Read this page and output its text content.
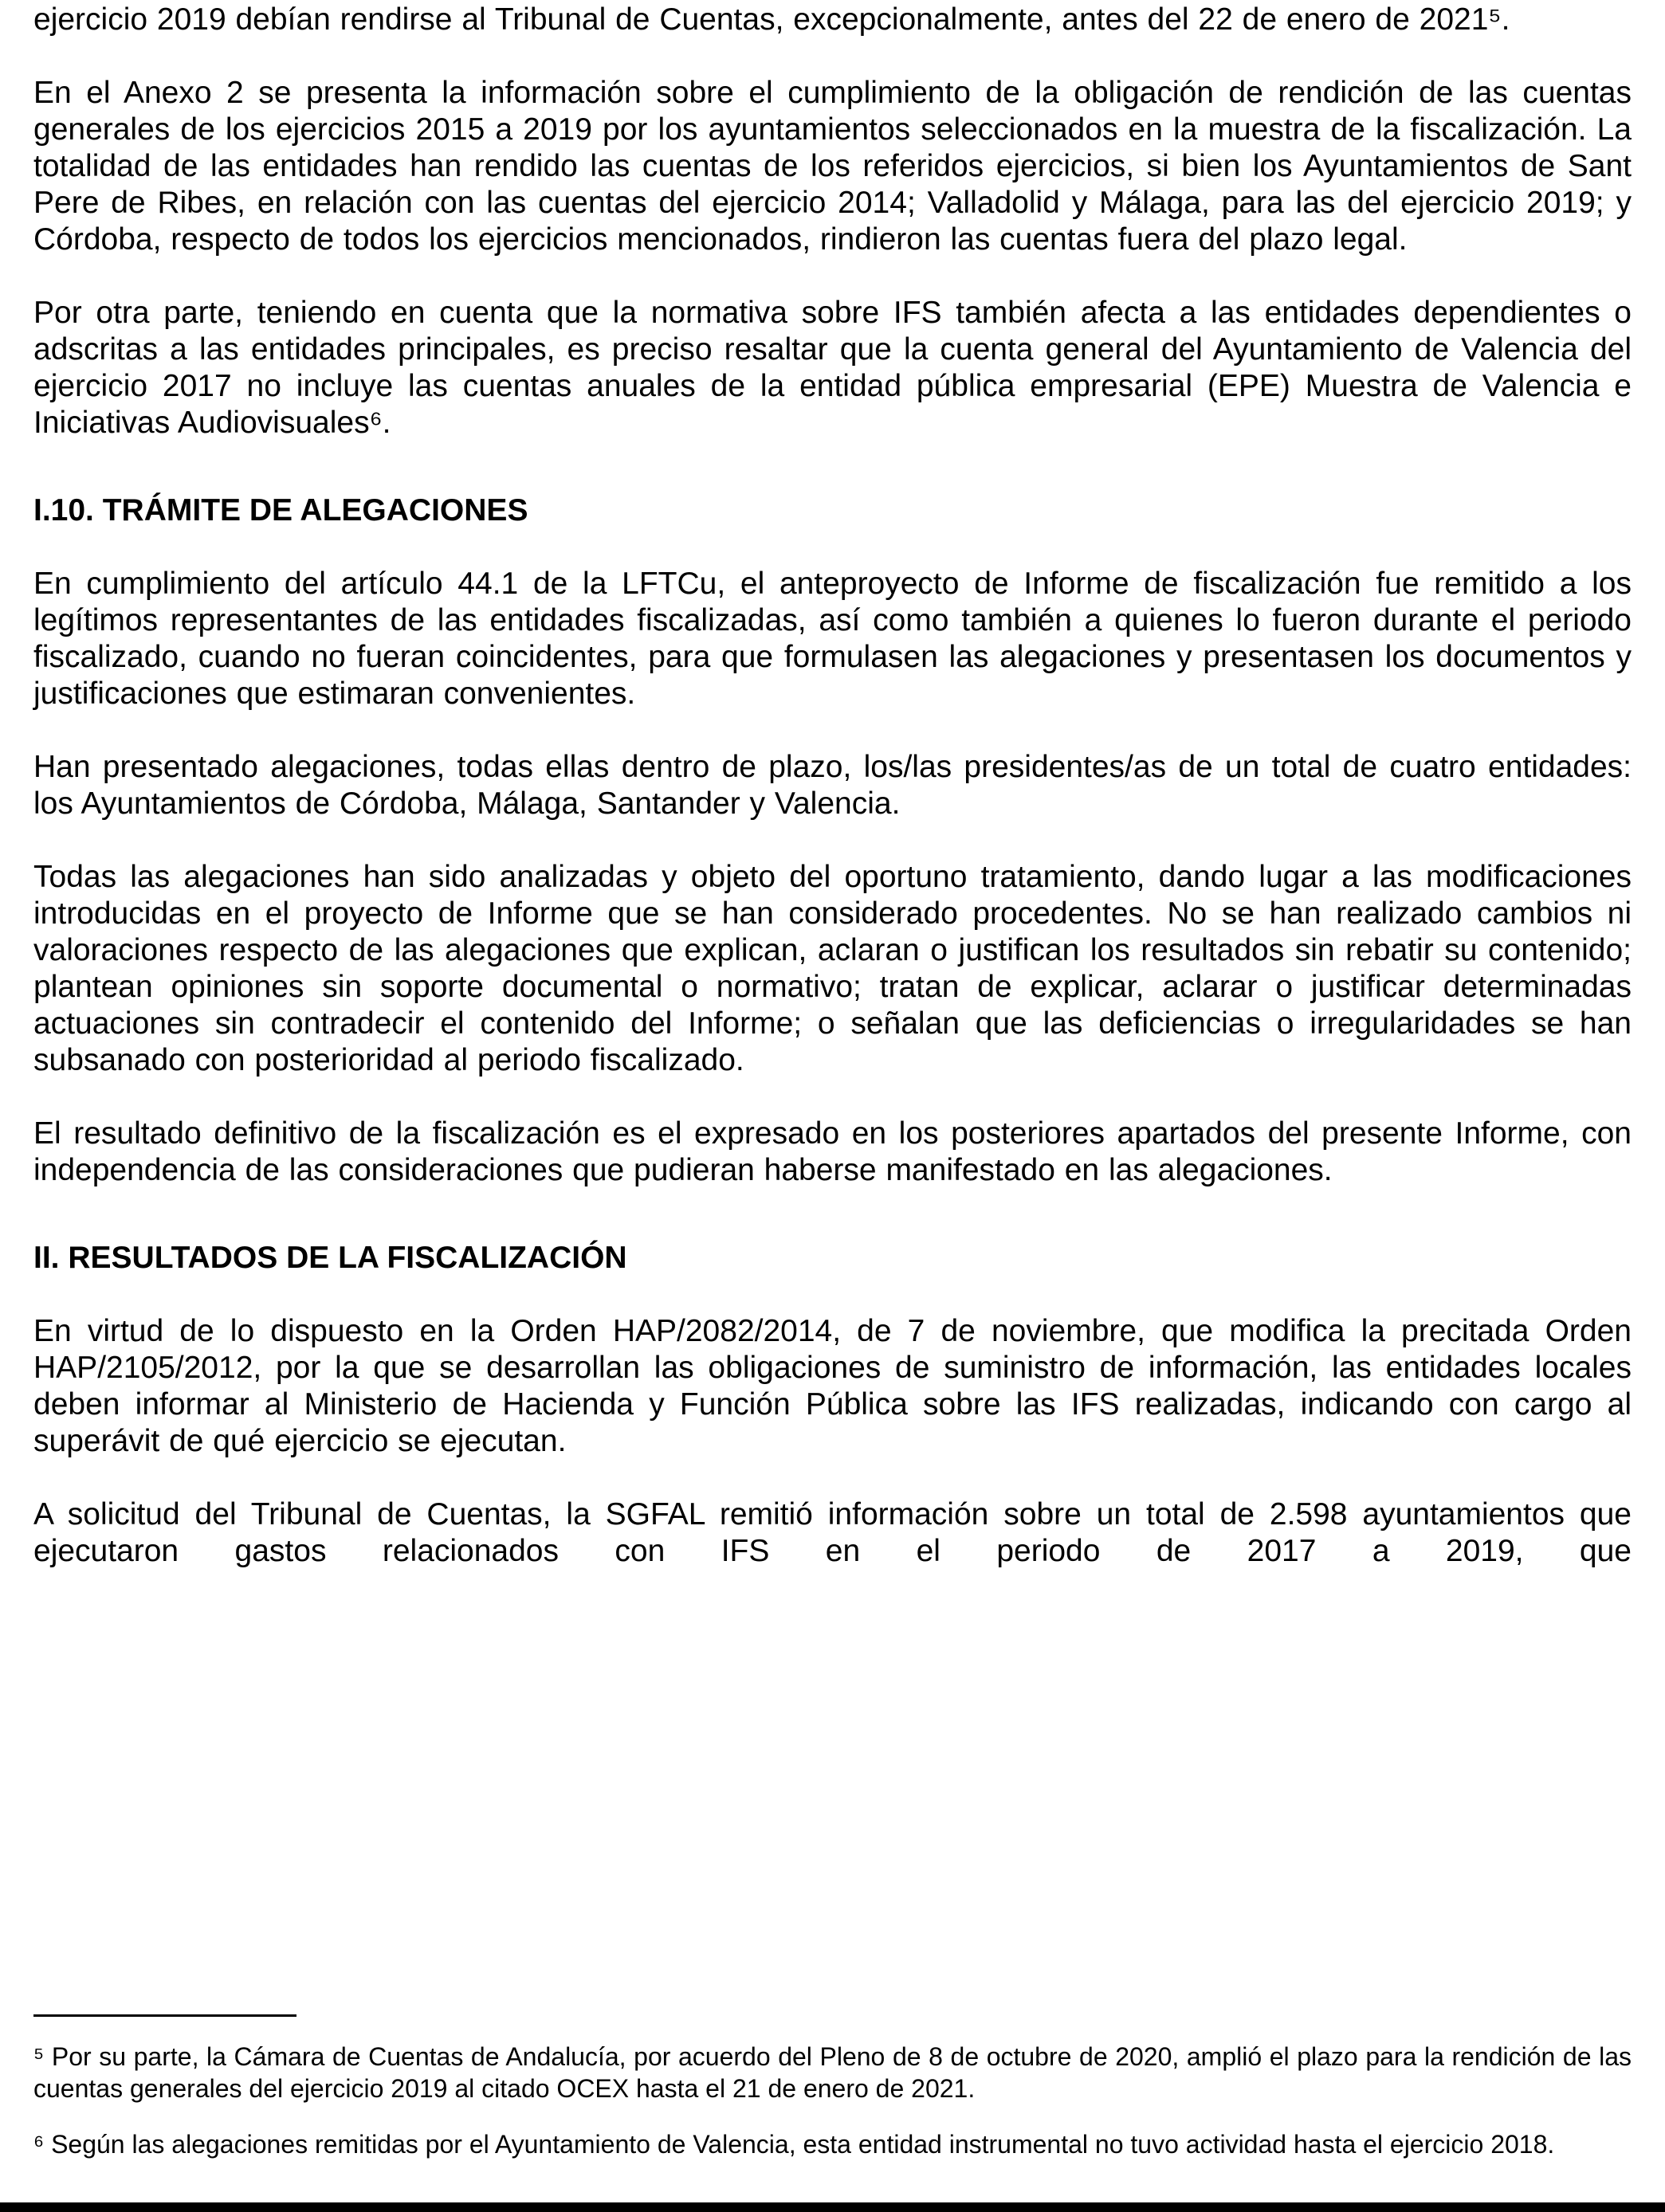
ejercicio 2019 debían rendirse al Tribunal de Cuentas, excepcionalmente, antes del 22 de enero de 2021⁵.

En el Anexo 2 se presenta la información sobre el cumplimiento de la obligación de rendición de las cuentas generales de los ejercicios 2015 a 2019 por los ayuntamientos seleccionados en la muestra de la fiscalización. La totalidad de las entidades han rendido las cuentas de los referidos ejercicios, si bien los Ayuntamientos de Sant Pere de Ribes, en relación con las cuentas del ejercicio 2014; Valladolid y Málaga, para las del ejercicio 2019; y Córdoba, respecto de todos los ejercicios mencionados, rindieron las cuentas fuera del plazo legal.

Por otra parte, teniendo en cuenta que la normativa sobre IFS también afecta a las entidades dependientes o adscritas a las entidades principales, es preciso resaltar que la cuenta general del Ayuntamiento de Valencia del ejercicio 2017 no incluye las cuentas anuales de la entidad pública empresarial (EPE) Muestra de Valencia e Iniciativas Audiovisuales⁶.

I.10. TRÁMITE DE ALEGACIONES

En cumplimiento del artículo 44.1 de la LFTCu, el anteproyecto de Informe de fiscalización fue remitido a los legítimos representantes de las entidades fiscalizadas, así como también a quienes lo fueron durante el periodo fiscalizado, cuando no fueran coincidentes, para que formulasen las alegaciones y presentasen los documentos y justificaciones que estimaran convenientes.

Han presentado alegaciones, todas ellas dentro de plazo, los/las presidentes/as de un total de cuatro entidades: los Ayuntamientos de Córdoba, Málaga, Santander y Valencia.

Todas las alegaciones han sido analizadas y objeto del oportuno tratamiento, dando lugar a las modificaciones introducidas en el proyecto de Informe que se han considerado procedentes. No se han realizado cambios ni valoraciones respecto de las alegaciones que explican, aclaran o justifican los resultados sin rebatir su contenido; plantean opiniones sin soporte documental o normativo; tratan de explicar, aclarar o justificar determinadas actuaciones sin contradecir el contenido del Informe; o señalan que las deficiencias o irregularidades se han subsanado con posterioridad al periodo fiscalizado.

El resultado definitivo de la fiscalización es el expresado en los posteriores apartados del presente Informe, con independencia de las consideraciones que pudieran haberse manifestado en las alegaciones.

II. RESULTADOS DE LA FISCALIZACIÓN

En virtud de lo dispuesto en la Orden HAP/2082/2014, de 7 de noviembre, que modifica la precitada Orden HAP/2105/2012, por la que se desarrollan las obligaciones de suministro de información, las entidades locales deben informar al Ministerio de Hacienda y Función Pública sobre las IFS realizadas, indicando con cargo al superávit de qué ejercicio se ejecutan.

A solicitud del Tribunal de Cuentas, la SGFAL remitió información sobre un total de 2.598 ayuntamientos que ejecutaron gastos relacionados con IFS en el periodo de 2017 a 2019, que

⁵ Por su parte, la Cámara de Cuentas de Andalucía, por acuerdo del Pleno de 8 de octubre de 2020, amplió el plazo para la rendición de las cuentas generales del ejercicio 2019 al citado OCEX hasta el 21 de enero de 2021.

⁶ Según las alegaciones remitidas por el Ayuntamiento de Valencia, esta entidad instrumental no tuvo actividad hasta el ejercicio 2018.
